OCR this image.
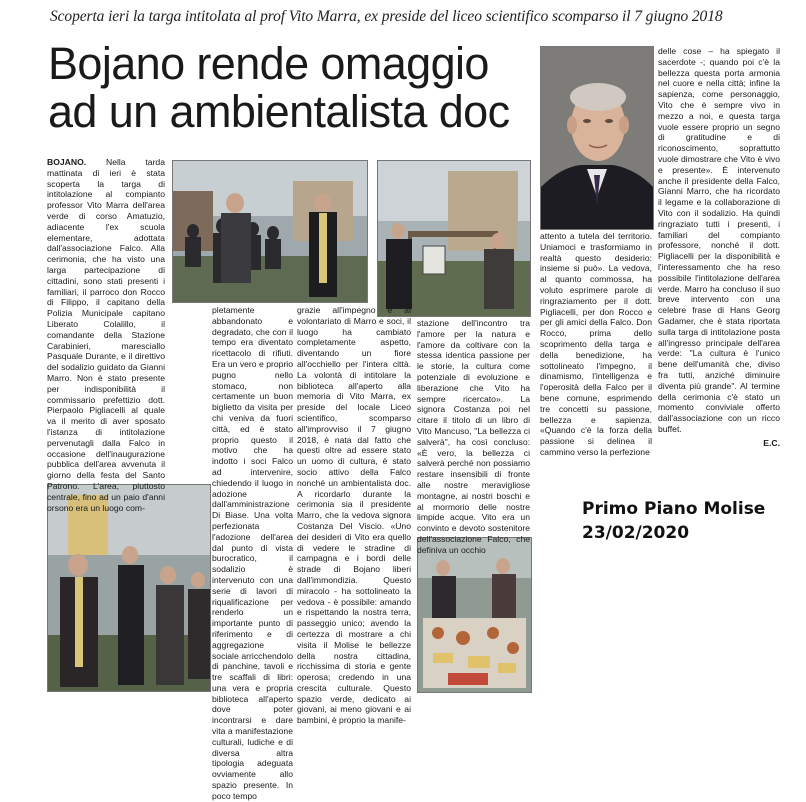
Scoperta ieri la targa intitolata al prof Vito Marra, ex preside del liceo scientifico scomparso il 7 giugno 2018
Bojano rende omaggio
ad un ambientalista doc

BOJANO. Nella tarda mattinata di ieri è stata scoperta la targa di intitolazione al compianto professor Vito Marra dell'area verde di corso Amatuzio, adiacente l'ex scuola elementare, adottata dall'associazione Falco. Alla cerimonia, che ha visto una larga partecipazione di cittadini, sono stati presenti i familiari, il parroco don Rocco di Filippo, il capitano della Polizia Municipale capitano Liberato Colalillo, il comandante della Stazione Carabinieri, maresciallo Pasquale Durante, e il direttivo del sodalizio guidato da Gianni Marro. Non è stato presente per indisponibilità il commissario prefettizio dott. Pierpaolo Pigliacelli al quale va il merito di aver sposato l'istanza di intitolazione pervenutagli dalla Falco in occasione dell'inaugurazione pubblica dell'area avvenuta il giorno della festa del Santo Patrono. L'area, piuttosto centrale, fino ad un paio d'anni orsono era un luogo com-

pletamente abbandonato e degradato, che con il tempo era diventato ricettacolo di rifiuti. Era un vero e proprio pugno nello stomaco, non certamente un buon biglietto da visita per chi veniva da fuori città, ed è stato proprio questo il motivo che ha indotto i soci Falco ad intervenire, chiedendo il luogo in adozione dall'amministrazione Di Biase. Una volta perfezionata l'adozione dell'area dal punto di vista burocratico, il sodalizio è intervenuto con una serie di lavori di riqualificazione per renderlo un importante punto di riferimento e di aggregazione sociale arricchendolo di panchine, tavoli e tre scaffali di libri: una vera e propria biblioteca all'aperto dove poter incontrarsi e dare vita a manifestazione culturali, ludiche e di diversa altra tipologia adeguata ovviamente allo spazio presente. In poco tempo

grazie all'impegno e al volontariato di Marro e soci, il luogo ha cambiato completamente aspetto, diventando un fiore all'occhiello per l'intera città. La volontà di intitolare la biblioteca all'aperto alla memoria di Vito Marra, ex preside del locale Liceo scientifico, scomparso all'improvviso il 7 giugno 2018, è nata dal fatto che questi oltre ad essere stato un uomo di cultura, è stato socio attivo della Falco nonché un ambientalista doc. A ricordarlo durante la cerimonia sia il presidente Marro, che la vedova signora Costanza Del Viscio. «Uno dei desideri di Vito era quello di vedere le stradine di campagna e i bordi delle strade di Bojano liberi dall'immondizia. Questo miracolo - ha sottolineato la vedova - è possibile: amando e rispettando la nostra terra, passeggio unico; avendo la certezza di mostrare a chi visita il Molise le bellezze della nostra cittadina, ricchissima di storia e gente operosa; credendo in una crescita culturale. Questo spazio verde, dedicato ai giovani, ai meno giovani e ai bambini, è proprio la manife-

stazione dell'incontro tra l'amore per la natura e l'amore da coltivare con la stessa identica passione per le storie, la cultura come potenziale di evoluzione e liberazione che Vito ha sempre ricercato». La signora Costanza poi nel citare il titolo di un libro di Vito Mancuso, "La bellezza ci salverà", ha così concluso: «È vero, la bellezza ci salverà perché non possiamo restare insensibili di fronte alle nostre meravigliose montagne, ai nostri boschi e al mormorio delle nostre limpide acque. Vito era un convinto e devoto sostenitore dell'associazione Falco, che definiva un occhio

attento a tutela del territorio. Uniamoci e trasformiamo in realtà questo desiderio: insieme si può». La vedova, al quanto commossa, ha voluto esprimere parole di ringraziamento per il dott. Pigliacelli, per don Rocco e per gli amici della Falco. Don Rocco, prima dello scoprimento della targa e della benedizione, ha sottolineato l'impegno, il dinamismo, l'intelligenza e l'operosità della Falco per il bene comune, esprimendo tre concetti su passione, bellezza e sapienza. «Quando c'è la forza della passione si delinea il cammino verso la perfezione

delle cose – ha spiegato il sacerdote -; quando poi c'è la bellezza questa porta armonia nel cuore e nella città; infine la sapienza, come personaggio, Vito che è sempre vivo in mezzo a noi, e questa targa vuole essere proprio un segno di gratitudine e di riconoscimento, soprattutto vuole dimostrare che Vito è vivo e presente». È intervenuto anche il presidente della Falco, Gianni Marro, che ha ricordato il legame e la collaborazione di Vito con il sodalizio. Ha quindi ringraziato tutti i presenti, i familiari del compianto professore, nonché il dott. Pigliacelli per la disponibilità e l'interessamento che ha reso possibile l'intitolazione dell'area verde. Marro ha concluso il suo breve intervento con una celebre frase di Hans Georg Gadamer, che è stata riportata sulla targa di intitolazione posta all'ingresso principale dell'area verde: "La cultura è l'unico bene dell'umanità che, diviso fra tutti, anziché diminuire diventa più grande". Al termine della cerimonia c'è stato un momento conviviale offerto dall'associazione con un ricco buffet.

E.C.
Primo Piano Molise
23/02/2020
